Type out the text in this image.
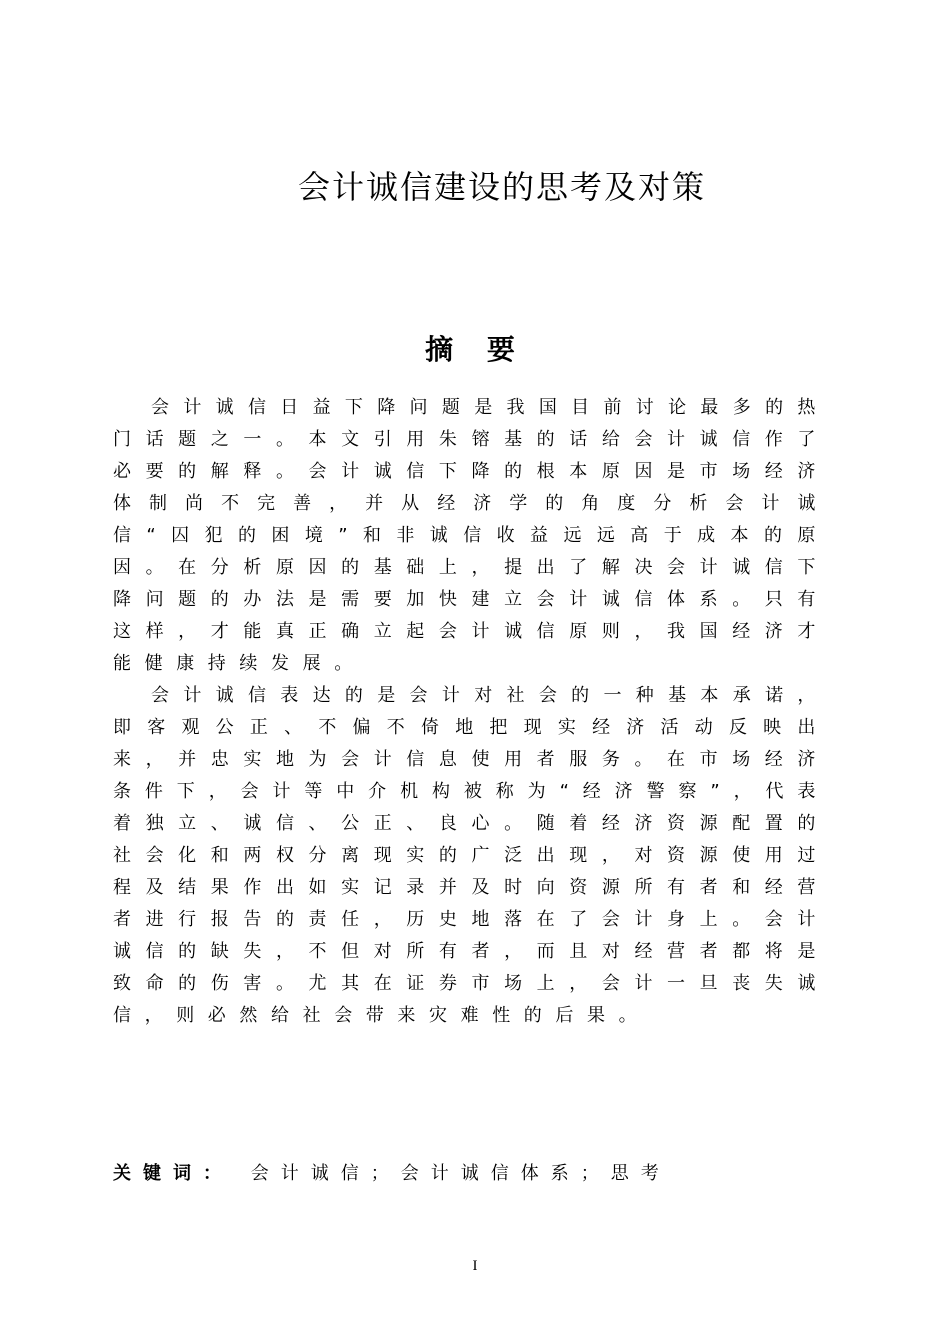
会计诚信建设的思考及对策
摘 要

会计诚信日益下降问题是我国目前讨论最多的热门话题之一。本文引用朱镕基的话给会计诚信作了必要的解释。会计诚信下降的根本原因是市场经济体制尚不完善，并从经济学的角度分析会计诚信“囚犯的困境”和非诚信收益远远高于成本的原因。在分析原因的基础上，提出了解决会计诚信下降问题的办法是需要加快建立会计诚信体系。只有这样，才能真正确立起会计诚信原则，我国经济才能健康持续发展。

会计诚信表达的是会计对社会的一种基本承诺，即客观公正、不偏不倚地把现实经济活动反映出来，并忠实地为会计信息使用者服务。在市场经济条件下，会计等中介机构被称为“经济警察”，代表着独立、诚信、公正、良心。随着经济资源配置的社会化和两权分离现实的广泛出现，对资源使用过程及结果作出如实记录并及时向资源所有者和经营者进行报告的责任，历史地落在了会计身上。会计诚信的缺失，不但对所有者，而且对经营者都将是致命的伤害。尤其在证券市场上，会计一旦丧失诚信，则必然给社会带来灾难性的后果。

关键词： 会计诚信；会计诚信体系；思考
I
